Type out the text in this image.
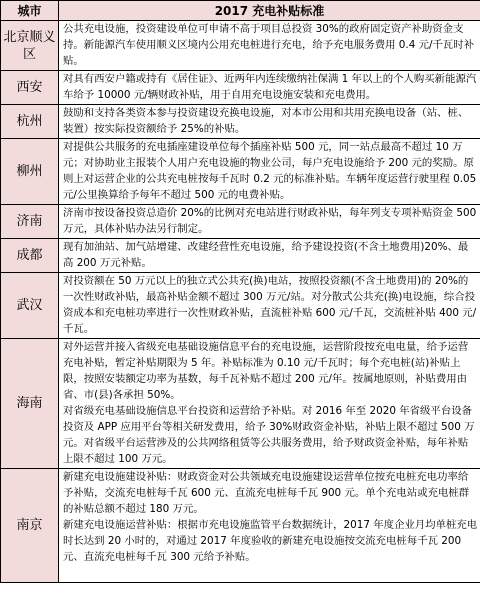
城市	2017 充电补贴标准
北京顺义区	公共充电设施，投资建设单位可申请不高于项目总投资 30%的政府固定资产补助资金支持。新能源汽车使用顺义区境内公用充电桩进行充电，给予充电服务费用 0.4 元/千瓦时补贴。

西安	对具有西安户籍或持有《居住证》、近两年内连续缴纳社保满 1 年以上的个人购买新能源汽车给予 10000 元/辆财政补贴，用于自用充电设施安装和充电费用。

杭州	鼓励和支持各类资本参与投资建设充换电设施，对本市公用和共用充换电设备（站、桩、装置）按实际投资额给予 25%的补贴。

柳州	对提供公共服务的充电插座建设单位每个插座补贴 500 元，同一站点最高不超过 10 万元；对协助业主报装个人用户充电设施的物业公司，每户充电设施给予 200 元的奖励。原则上对运营企业的公共充电桩按每千瓦时 0.2 元的标准补贴。车辆年度运营行驶里程 0.05 元/公里换算给予每年不超过 500 元的电费补贴。

济南	济南市按设备投资总造价 20%的比例对充电站进行财政补贴，每年列支专项补贴资金 500 万元，具体补贴办法另行制定。

成都	现有加油站、加气站增建、改建经营性充电设施，给予建设投资(不含土地费用)20%、最高 200 万元补贴。

武汉	对投资额在 50 万元以上的独立式公共充(换)电站，按照投资额(不含土地费用)的 20%的一次性财政补贴，最高补贴金额不超过 300 万元/站。对分散式公共充(换)电设施，综合投资成本和充电桩功率进行一次性财政补贴，直流桩补贴 600 元/千瓦，交流桩补贴 400 元/千瓦。

海南	对外运营并接入省级充电基础设施信息平台的充电设施，运营阶段按充电电量，给予运营充电补贴，暂定补贴期限为 5 年。补贴标准为 0.10 元/千瓦时；每个充电桩(站)补贴上限，按照安装额定功率为基数，每千瓦补贴不超过 200 元/年。按属地原则，补贴费用由省、市(县)各承担 50%。
对省级充电基础设施信息平台投资和运营给予补贴。对 2016 年至 2020 年省级平台设备投资及 APP 应用平台等相关研发费用，给予 30%财政资金补贴，补贴上限不超过 500 万元。对省级平台运营涉及的公共网络租赁等公共服务费用，给予财政资金补贴，每年补贴上限不超过 100 万元。

南京	新建充电设施建设补贴：财政资金对公共领域充电设施建设运营单位按充电桩充电功率给予补贴，交流充电桩每千瓦 600 元、直流充电桩每千瓦 900 元。单个充电站或充电桩群的补贴总额不超过 180 万元。
新建充电设施运营补贴：根据市充电设施监管平台数据统计，2017 年度企业月均单桩充电时长达到 20 小时的，对通过 2017 年度验收的新建充电设施按交流充电桩每千瓦 200 元、直流充电桩每千瓦 300 元给予补贴。
